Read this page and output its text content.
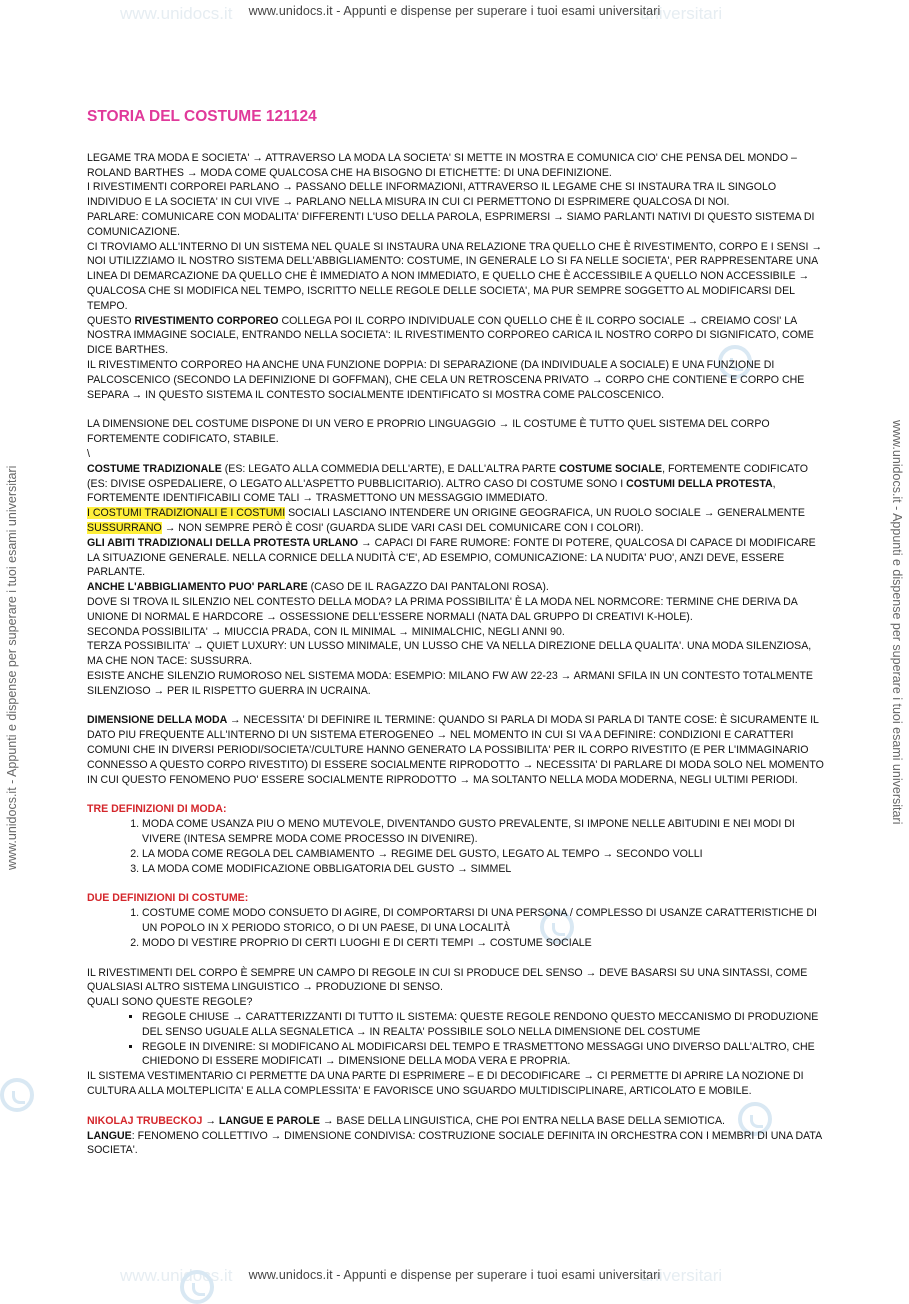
www.unidocs.it	universitari
www.unidocs.it	universitari
www.unidocs.it - Appunti e dispense per superare i tuoi esami universitari
www.unidocs.it - Appunti e dispense per superare i tuoi esami universitari
www.unidocs.it - Appunti e dispense per superare i tuoi esami universitari	www.unidocs.it - Appunti e dispense per superare i tuoi esami universitari
STORIA DEL COSTUME 121124

LEGAME TRA MODA E SOCIETA' → ATTRAVERSO LA MODA LA SOCIETA' SI METTE IN MOSTRA E COMUNICA CIO' CHE PENSA DEL MONDO – ROLAND BARTHES → MODA COME QUALCOSA CHE HA BISOGNO DI ETICHETTE: DI UNA DEFINIZIONE.

I RIVESTIMENTI CORPOREI PARLANO → PASSANO DELLE INFORMAZIONI, ATTRAVERSO IL LEGAME CHE SI INSTAURA TRA IL SINGOLO INDIVIDUO E LA SOCIETA' IN CUI VIVE → PARLANO NELLA MISURA IN CUI CI PERMETTONO DI ESPRIMERE QUALCOSA DI NOI.

PARLARE: COMUNICARE CON MODALITA' DIFFERENTI L'USO DELLA PAROLA, ESPRIMERSI → SIAMO PARLANTI NATIVI DI QUESTO SISTEMA DI COMUNICAZIONE.

CI TROVIAMO ALL'INTERNO DI UN SISTEMA NEL QUALE SI INSTAURA UNA RELAZIONE TRA QUELLO CHE È RIVESTIMENTO, CORPO E I SENSI → NOI UTILIZZIAMO IL NOSTRO SISTEMA DELL'ABBIGLIAMENTO: COSTUME, IN GENERALE LO SI FA NELLE SOCIETA', PER RAPPRESENTARE UNA LINEA DI DEMARCAZIONE DA QUELLO CHE È IMMEDIATO A NON IMMEDIATO, E QUELLO CHE È ACCESSIBILE A QUELLO NON ACCESSIBILE → QUALCOSA CHE SI MODIFICA NEL TEMPO, ISCRITTO NELLE REGOLE DELLE SOCIETA', MA PUR SEMPRE SOGGETTO AL MODIFICARSI DEL TEMPO.

QUESTO RIVESTIMENTO CORPOREO COLLEGA POI IL CORPO INDIVIDUALE CON QUELLO CHE È IL CORPO SOCIALE → CREIAMO COSI' LA NOSTRA IMMAGINE SOCIALE, ENTRANDO NELLA SOCIETA': IL RIVESTIMENTO CORPOREO CARICA IL NOSTRO CORPO DI SIGNIFICATO, COME DICE BARTHES.

IL RIVESTIMENTO CORPOREO HA ANCHE UNA FUNZIONE DOPPIA: DI SEPARAZIONE (DA INDIVIDUALE A SOCIALE) E UNA FUNZIONE DI PALCOSCENICO (SECONDO LA DEFINIZIONE DI GOFFMAN), CHE CELA UN RETROSCENA PRIVATO → CORPO CHE CONTIENE E CORPO CHE SEPARA → IN QUESTO SISTEMA IL CONTESTO SOCIALMENTE IDENTIFICATO SI MOSTRA COME PALCOSCENICO.

LA DIMENSIONE DEL COSTUME DISPONE DI UN VERO E PROPRIO LINGUAGGIO → IL COSTUME È TUTTO QUEL SISTEMA DEL CORPO FORTEMENTE CODIFICATO, STABILE.

\

COSTUME TRADIZIONALE (ES: LEGATO ALLA COMMEDIA DELL'ARTE), E DALL'ALTRA PARTE COSTUME SOCIALE, FORTEMENTE CODIFICATO (ES: DIVISE OSPEDALIERE, O LEGATO ALL'ASPETTO PUBBLICITARIO). ALTRO CASO DI COSTUME SONO I COSTUMI DELLA PROTESTA, FORTEMENTE IDENTIFICABILI COME TALI → TRASMETTONO UN MESSAGGIO IMMEDIATO.

I COSTUMI TRADIZIONALI E I COSTUMI SOCIALI LASCIANO INTENDERE UN ORIGINE GEOGRAFICA, UN RUOLO SOCIALE → GENERALMENTE SUSSURRANO → NON SEMPRE PERÒ È COSI' (GUARDA SLIDE VARI CASI DEL COMUNICARE CON I COLORI).

GLI ABITI TRADIZIONALI DELLA PROTESTA URLANO → CAPACI DI FARE RUMORE: FONTE DI POTERE, QUALCOSA DI CAPACE DI MODIFICARE LA SITUAZIONE GENERALE. NELLA CORNICE DELLA NUDITÀ C'E', AD ESEMPIO, COMUNICAZIONE: LA NUDITA' PUO', ANZI DEVE, ESSERE PARLANTE.

ANCHE L'ABBIGLIAMENTO PUO' PARLARE (CASO DE IL RAGAZZO DAI PANTALONI ROSA).

DOVE SI TROVA IL SILENZIO NEL CONTESTO DELLA MODA? LA PRIMA POSSIBILITA' È LA MODA NEL NORMCORE: TERMINE CHE DERIVA DA UNIONE DI NORMAL E HARDCORE → OSSESSIONE DELL'ESSERE NORMALI (NATA DAL GRUPPO DI CREATIVI K-HOLE).

SECONDA POSSIBILITA' → MIUCCIA PRADA, CON IL MINIMAL → MINIMALCHIC, NEGLI ANNI 90.

TERZA POSSIBILITA' → QUIET LUXURY: UN LUSSO MINIMALE, UN LUSSO CHE VA NELLA DIREZIONE DELLA QUALITA'. UNA MODA SILENZIOSA, MA CHE NON TACE: SUSSURRA.

ESISTE ANCHE SILENZIO RUMOROSO NEL SISTEMA MODA: ESEMPIO: MILANO FW AW 22-23 → ARMANI SFILA IN UN CONTESTO TOTALMENTE SILENZIOSO → PER IL RISPETTO GUERRA IN UCRAINA.

DIMENSIONE DELLA MODA → NECESSITA' DI DEFINIRE IL TERMINE: QUANDO SI PARLA DI MODA SI PARLA DI TANTE COSE: È SICURAMENTE IL DATO PIU FREQUENTE ALL'INTERNO DI UN SISTEMA ETEROGENEO → NEL MOMENTO IN CUI SI VA A DEFINIRE: CONDIZIONI E CARATTERI COMUNI CHE IN DIVERSI PERIODI/SOCIETA'/CULTURE HANNO GENERATO LA POSSIBILITA' PER IL CORPO RIVESTITO (E PER L'IMMAGINARIO CONNESSO A QUESTO CORPO RIVESTITO) DI ESSERE SOCIALMENTE RIPRODOTTO → NECESSITA' DI PARLARE DI MODA SOLO NEL MOMENTO IN CUI QUESTO FENOMENO PUO' ESSERE SOCIALMENTE RIPRODOTTO → MA SOLTANTO NELLA MODA MODERNA, NEGLI ULTIMI PERIODI.

TRE DEFINIZIONI DI MODA:

1. MODA COME USANZA PIU O MENO MUTEVOLE, DIVENTANDO GUSTO PREVALENTE, SI IMPONE NELLE ABITUDINI E NEI MODI DI VIVERE (INTESA SEMPRE MODA COME PROCESSO IN DIVENIRE).
2. LA MODA COME REGOLA DEL CAMBIAMENTO → REGIME DEL GUSTO, LEGATO AL TEMPO → SECONDO VOLLI
3. LA MODA COME MODIFICAZIONE OBBLIGATORIA DEL GUSTO → SIMMEL

DUE DEFINIZIONI DI COSTUME:

1. COSTUME COME MODO CONSUETO DI AGIRE, DI COMPORTARSI DI UNA PERSONA / COMPLESSO DI USANZE CARATTERISTICHE DI UN POPOLO IN X PERIODO STORICO, O DI UN PAESE, DI UNA LOCALITÀ
2. MODO DI VESTIRE PROPRIO DI CERTI LUOGHI E DI CERTI TEMPI → COSTUME SOCIALE

IL RIVESTIMENTI DEL CORPO È SEMPRE UN CAMPO DI REGOLE IN CUI SI PRODUCE DEL SENSO → DEVE BASARSI SU UNA SINTASSI, COME QUALSIASI ALTRO SISTEMA LINGUISTICO → PRODUZIONE DI SENSO.

QUALI SONO QUESTE REGOLE?

▪ REGOLE CHIUSE → CARATTERIZZANTI DI TUTTO IL SISTEMA: QUESTE REGOLE RENDONO QUESTO MECCANISMO DI PRODUZIONE DEL SENSO UGUALE ALLA SEGNALETICA → IN REALTA' POSSIBILE SOLO NELLA DIMENSIONE DEL COSTUME
▪ REGOLE IN DIVENIRE: SI MODIFICANO AL MODIFICARSI DEL TEMPO E TRASMETTONO MESSAGGI UNO DIVERSO DALL'ALTRO, CHE CHIEDONO DI ESSERE MODIFICATI → DIMENSIONE DELLA MODA VERA E PROPRIA.

IL SISTEMA VESTIMENTARIO CI PERMETTE DA UNA PARTE DI ESPRIMERE – E DI DECODIFICARE → CI PERMETTE DI APRIRE LA NOZIONE DI CULTURA ALLA MOLTEPLICITA' E ALLA COMPLESSITA' E FAVORISCE UNO SGUARDO MULTIDISCIPLINARE, ARTICOLATO E MOBILE.

NIKOLAJ TRUBECKOJ → LANGUE E PAROLE → BASE DELLA LINGUISTICA, CHE POI ENTRA NELLA BASE DELLA SEMIOTICA.

LANGUE: FENOMENO COLLETTIVO → DIMENSIONE CONDIVISA: COSTRUZIONE SOCIALE DEFINITA IN ORCHESTRA CON I MEMBRI DI UNA DATA SOCIETA'.
